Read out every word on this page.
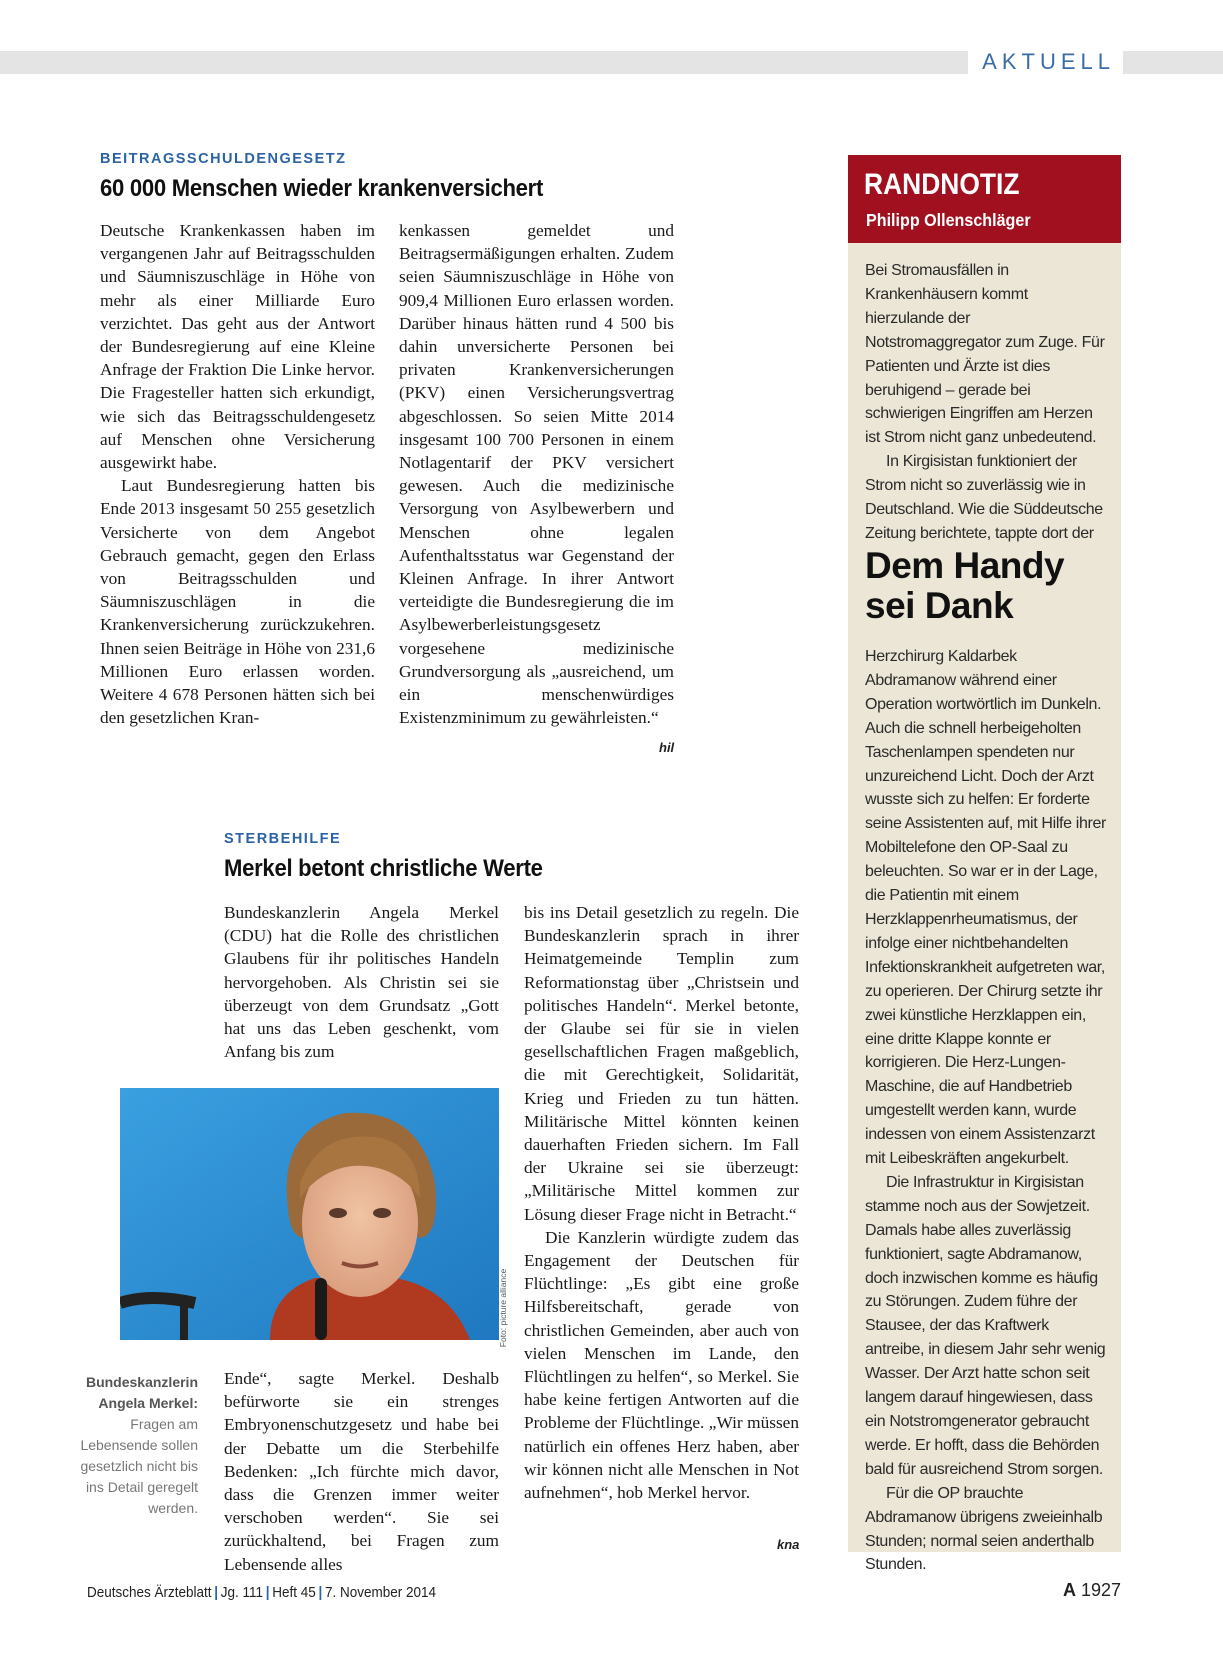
AKTUELL
BEITRAGSSCHULDENGESETZ
60 000 Menschen wieder krankenversichert

Deutsche Krankenkassen haben im vergangenen Jahr auf Beitragsschulden und Säumniszuschläge in Höhe von mehr als einer Milliarde Euro verzichtet. Das geht aus der Antwort der Bundesregierung auf eine Kleine Anfrage der Fraktion Die Linke hervor. Die Fragesteller hatten sich erkundigt, wie sich das Beitragsschuldengesetz auf Menschen ohne Versicherung ausgewirkt habe.

Laut Bundesregierung hatten bis Ende 2013 insgesamt 50 255 gesetzlich Versicherte von dem Angebot Gebrauch gemacht, gegen den Erlass von Beitragsschulden und Säumniszuschlägen in die Krankenversicherung zurückzukehren. Ihnen seien Beiträge in Höhe von 231,6 Millionen Euro erlassen worden. Weitere 4 678 Personen hätten sich bei den gesetzlichen Kran-

kenkassen gemeldet und Beitragsermäßigungen erhalten. Zudem seien Säumniszuschläge in Höhe von 909,4 Millionen Euro erlassen worden. Darüber hinaus hätten rund 4 500 bis dahin unversicherte Personen bei privaten Krankenversicherungen (PKV) einen Versicherungsvertrag abgeschlossen. So seien Mitte 2014 insgesamt 100 700 Personen in einem Notlagentarif der PKV versichert gewesen. Auch die medizinische Versorgung von Asylbewerbern und Menschen ohne legalen Aufenthaltsstatus war Gegenstand der Kleinen Anfrage. In ihrer Antwort verteidigte die Bundesregierung die im Asylbewerberleistungsgesetz vorgesehene medizinische Grundversorgung als „ausreichend, um ein menschenwürdiges Existenzminimum zu gewährleisten.“

hil
STERBEHILFE
Merkel betont christliche Werte

Bundeskanzlerin Angela Merkel (CDU) hat die Rolle des christlichen Glaubens für ihr politisches Handeln hervorgehoben. Als Christin sei sie überzeugt von dem Grundsatz „Gott hat uns das Leben geschenkt, vom Anfang bis zum

Foto: picture alliance
Bundeskanzlerin Angela Merkel: Fragen am Lebensende sollen gesetzlich nicht bis ins Detail geregelt werden.

Ende“, sagte Merkel. Deshalb befürworte sie ein strenges Embryonenschutzgesetz und habe bei der Debatte um die Sterbehilfe Bedenken: „Ich fürchte mich davor, dass die Grenzen immer weiter verschoben werden“. Sie sei zurückhaltend, bei Fragen zum Lebensende alles

bis ins Detail gesetzlich zu regeln. Die Bundeskanzlerin sprach in ihrer Heimatgemeinde Templin zum Reformationstag über „Christsein und politisches Handeln“. Merkel betonte, der Glaube sei für sie in vielen gesellschaftlichen Fragen maßgeblich, die mit Gerechtigkeit, Solidarität, Krieg und Frieden zu tun hätten. Militärische Mittel könnten keinen dauerhaften Frieden sichern. Im Fall der Ukraine sei sie überzeugt: „Militärische Mittel kommen zur Lösung dieser Frage nicht in Betracht.“

Die Kanzlerin würdigte zudem das Engagement der Deutschen für Flüchtlinge: „Es gibt eine große Hilfsbereitschaft, gerade von christlichen Gemeinden, aber auch von vielen Menschen im Lande, den Flüchtlingen zu helfen“, so Merkel. Sie habe keine fertigen Antworten auf die Probleme der Flüchtlinge. „Wir müssen natürlich ein offenes Herz haben, aber wir können nicht alle Menschen in Not aufnehmen“, hob Merkel hervor.

kna
RANDNOTIZ
Philipp Ollenschläger

Bei Stromausfällen in Krankenhäusern kommt hierzulande der Notstromaggregator zum Zuge. Für Patienten und Ärzte ist dies beruhigend – gerade bei schwierigen Eingriffen am Herzen ist Strom nicht ganz unbedeutend.

In Kirgisistan funktioniert der Strom nicht so zuverlässig wie in Deutschland. Wie die Süddeutsche Zeitung berichtete, tappte dort der

Dem Handy sei Dank

Herzchirurg Kaldarbek Abdramanow während einer Operation wortwörtlich im Dunkeln. Auch die schnell herbeigeholten Taschenlampen spendeten nur unzureichend Licht. Doch der Arzt wusste sich zu helfen: Er forderte seine Assistenten auf, mit Hilfe ihrer Mobiltelefone den OP-Saal zu beleuchten. So war er in der Lage, die Patientin mit einem Herzklappenrheumatismus, der infolge einer nichtbehandelten Infektionskrankheit aufgetreten war, zu operieren. Der Chirurg setzte ihr zwei künstliche Herzklappen ein, eine dritte Klappe konnte er korrigieren. Die Herz-Lungen-Maschine, die auf Handbetrieb umgestellt werden kann, wurde indessen von einem Assistenzarzt mit Leibeskräften angekurbelt.

Die Infrastruktur in Kirgisistan stamme noch aus der Sowjetzeit. Damals habe alles zuverlässig funktioniert, sagte Abdramanow, doch inzwischen komme es häufig zu Störungen. Zudem führe der Stausee, der das Kraftwerk antreibe, in diesem Jahr sehr wenig Wasser. Der Arzt hatte schon seit langem darauf hingewiesen, dass ein Notstromgenerator gebraucht werde. Er hofft, dass die Behörden bald für ausreichend Strom sorgen.

Für die OP brauchte Abdramanow übrigens zweieinhalb Stunden; normal seien anderthalb Stunden.

Deutsches Ärzteblatt | Jg. 111 | Heft 45 | 7. November 2014	A 1927
